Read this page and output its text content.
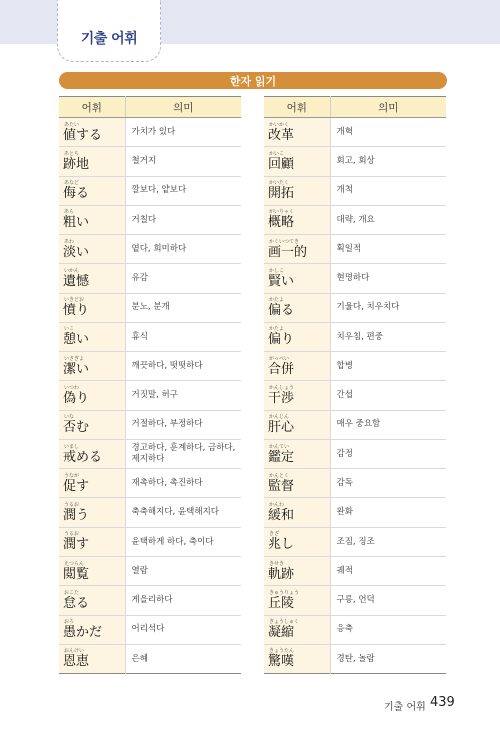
기출 어휘
한자 읽기
어휘	의미

あたい
値する	가치가 있다

あとち
跡地	철거지

あなど
侮る	깔보다, 얕보다

あら
粗い	거칠다

あわ
淡い	옅다, 희미하다

いかん
遺憾	유감

いきどお
憤り	분노, 분개

いこ
憩い	휴식

いさぎよ
潔い	깨끗하다, 떳떳하다

いつわ
偽り	거짓말, 허구

いな
否む	거절하다, 부정하다

いまし
戒める	경고하다, 훈계하다, 금하다, 제지하다

うなが
促す	재촉하다, 촉진하다

うるお
潤う	축축해지다, 윤택해지다

うるお
潤す	윤택하게 하다, 축이다

えつらん
閲覧	열람

おこた
怠る	게을리하다

おろ
愚かだ	어리석다

おんけい
恩恵	은혜
어휘	의미

かいかく
改革	개혁

かいこ
回顧	회고, 회상

かいたく
開拓	개척

がいりゃく
概略	대략, 개요

かくいつてき
画一的	획일적

かしこ
賢い	현명하다

かたよ
偏る	기울다, 치우치다

かたよ
偏り	치우침, 편중

がっぺい
合併	합병

かんしょう
干渉	간섭

かんじん
肝心	매우 중요함

かんてい
鑑定	감정

かんとく
監督	감독

かんわ
緩和	완화

きざ
兆し	조짐, 징조

きせき
軌跡	궤적

きゅうりょう
丘陵	구릉, 언덕

ぎょうしゅく
凝縮	응축

きょうたん
驚嘆	경탄, 놀람
기출 어휘 439
